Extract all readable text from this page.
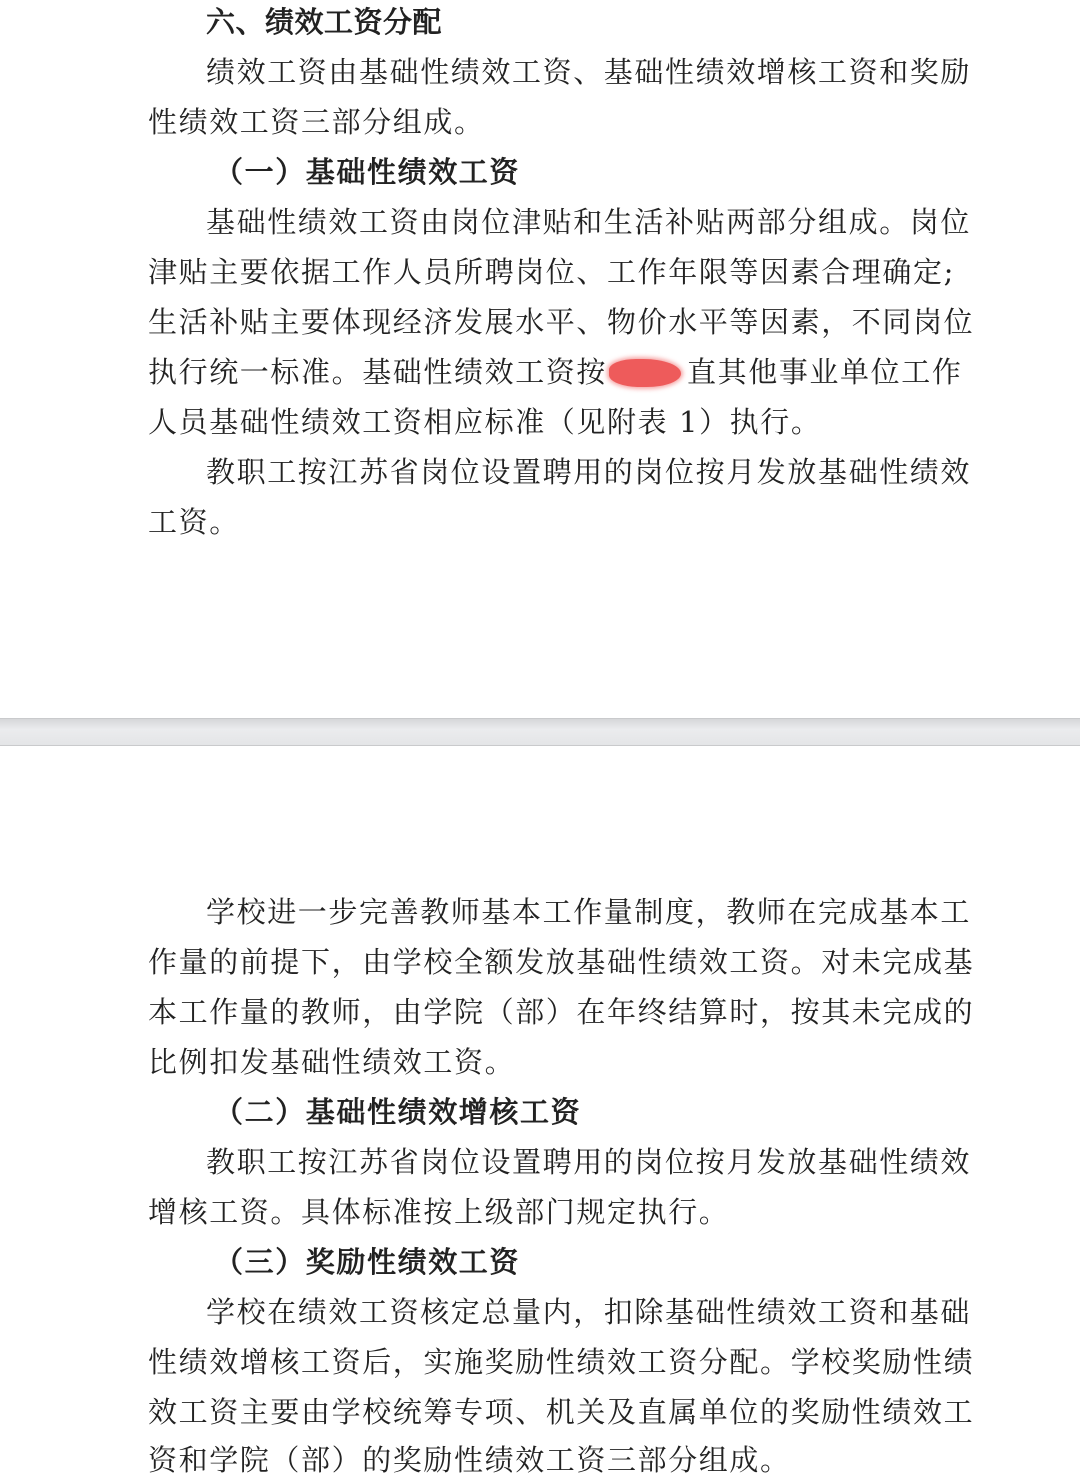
六、绩效工资分配
绩效工资由基础性绩效工资、基础性绩效增核工资和奖励
性绩效工资三部分组成。
（一）基础性绩效工资
基础性绩效工资由岗位津贴和生活补贴两部分组成。岗位
津贴主要依据工作人员所聘岗位、工作年限等因素合理确定;
生活补贴主要体现经济发展水平、物价水平等因素，不同岗位
执行统一标准。基础性绩效工资按	直其他事业单位工作
人员基础性绩效工资相应标准（见附表 1）执行。
教职工按江苏省岗位设置聘用的岗位按月发放基础性绩效
工资。
学校进一步完善教师基本工作量制度，教师在完成基本工
作量的前提下，由学校全额发放基础性绩效工资。对未完成基
本工作量的教师，由学院（部）在年终结算时，按其未完成的
比例扣发基础性绩效工资。
（二）基础性绩效增核工资
教职工按江苏省岗位设置聘用的岗位按月发放基础性绩效
增核工资。具体标准按上级部门规定执行。
（三）奖励性绩效工资
学校在绩效工资核定总量内，扣除基础性绩效工资和基础
性绩效增核工资后，实施奖励性绩效工资分配。学校奖励性绩
效工资主要由学校统筹专项、机关及直属单位的奖励性绩效工
资和学院（部）的奖励性绩效工资三部分组成。
